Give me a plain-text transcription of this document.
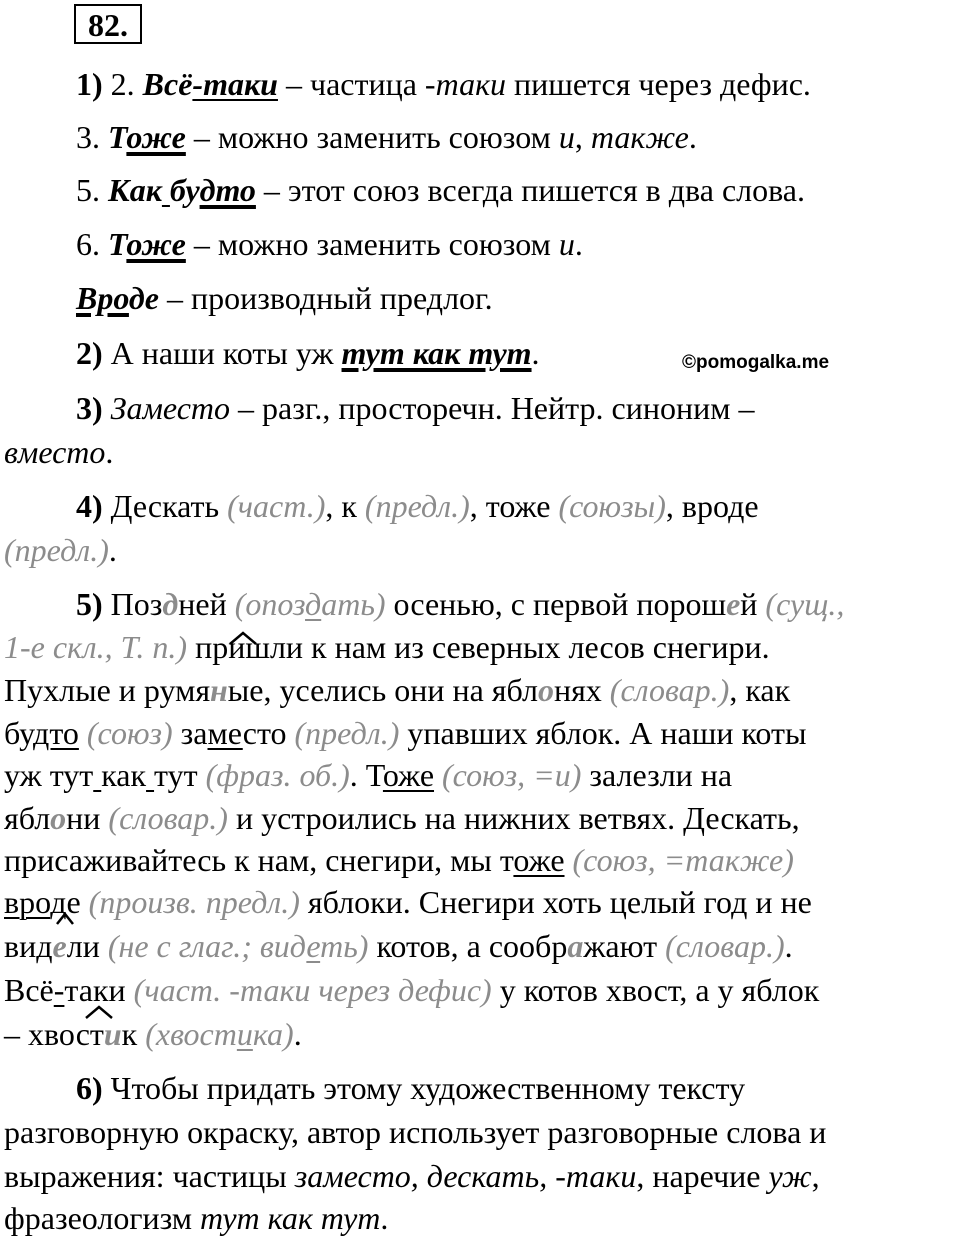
82.
1) 2. Всё-таки – частица -таки пишется через дефис.
3. Тоже – можно заменить союзом и, также.
5. Как будто – этот союз всегда пишется в два слова.
6. Тоже – можно заменить союзом и.
Вроде – производный предлог.
2) А наши коты уж тут как тут.	©pomogalka.me
3) Заместо – разг., просторечн. Нейтр. синоним –
вместо.
4) Дескать (част.), к (предл.), тоже (союзы), вроде
(предл.).
5) Поздней (опоздать) осенью, с первой порошей (сущ.,
1-е скл., Т. п.) пришли к нам из северных лесов снегири.
Пухлые и румяные, уселись они на яблонях (словар.), как
будто (союз) заместо (предл.) упавших яблок. А наши коты
уж тут как тут (фраз. об.). Тоже (союз, =и) залезли на
яблони (словар.) и устроились на нижних ветвях. Дескать,
присаживайтесь к нам, снегири, мы тоже (союз, =также)
вроде (произв. предл.) яблоки. Снегири хоть целый год и не
видели (не с глаг.; видеть) котов, а соображают (словар.).
Всё-таки (част. -таки через дефис) у котов хвост, а у яблок
– хвостик (хвостика).
6) Чтобы придать этому художественному тексту
разговорную окраску, автор использует разговорные слова и
выражения: частицы заместо, дескать, -таки, наречие уж,
фразеологизм тут как тут.
